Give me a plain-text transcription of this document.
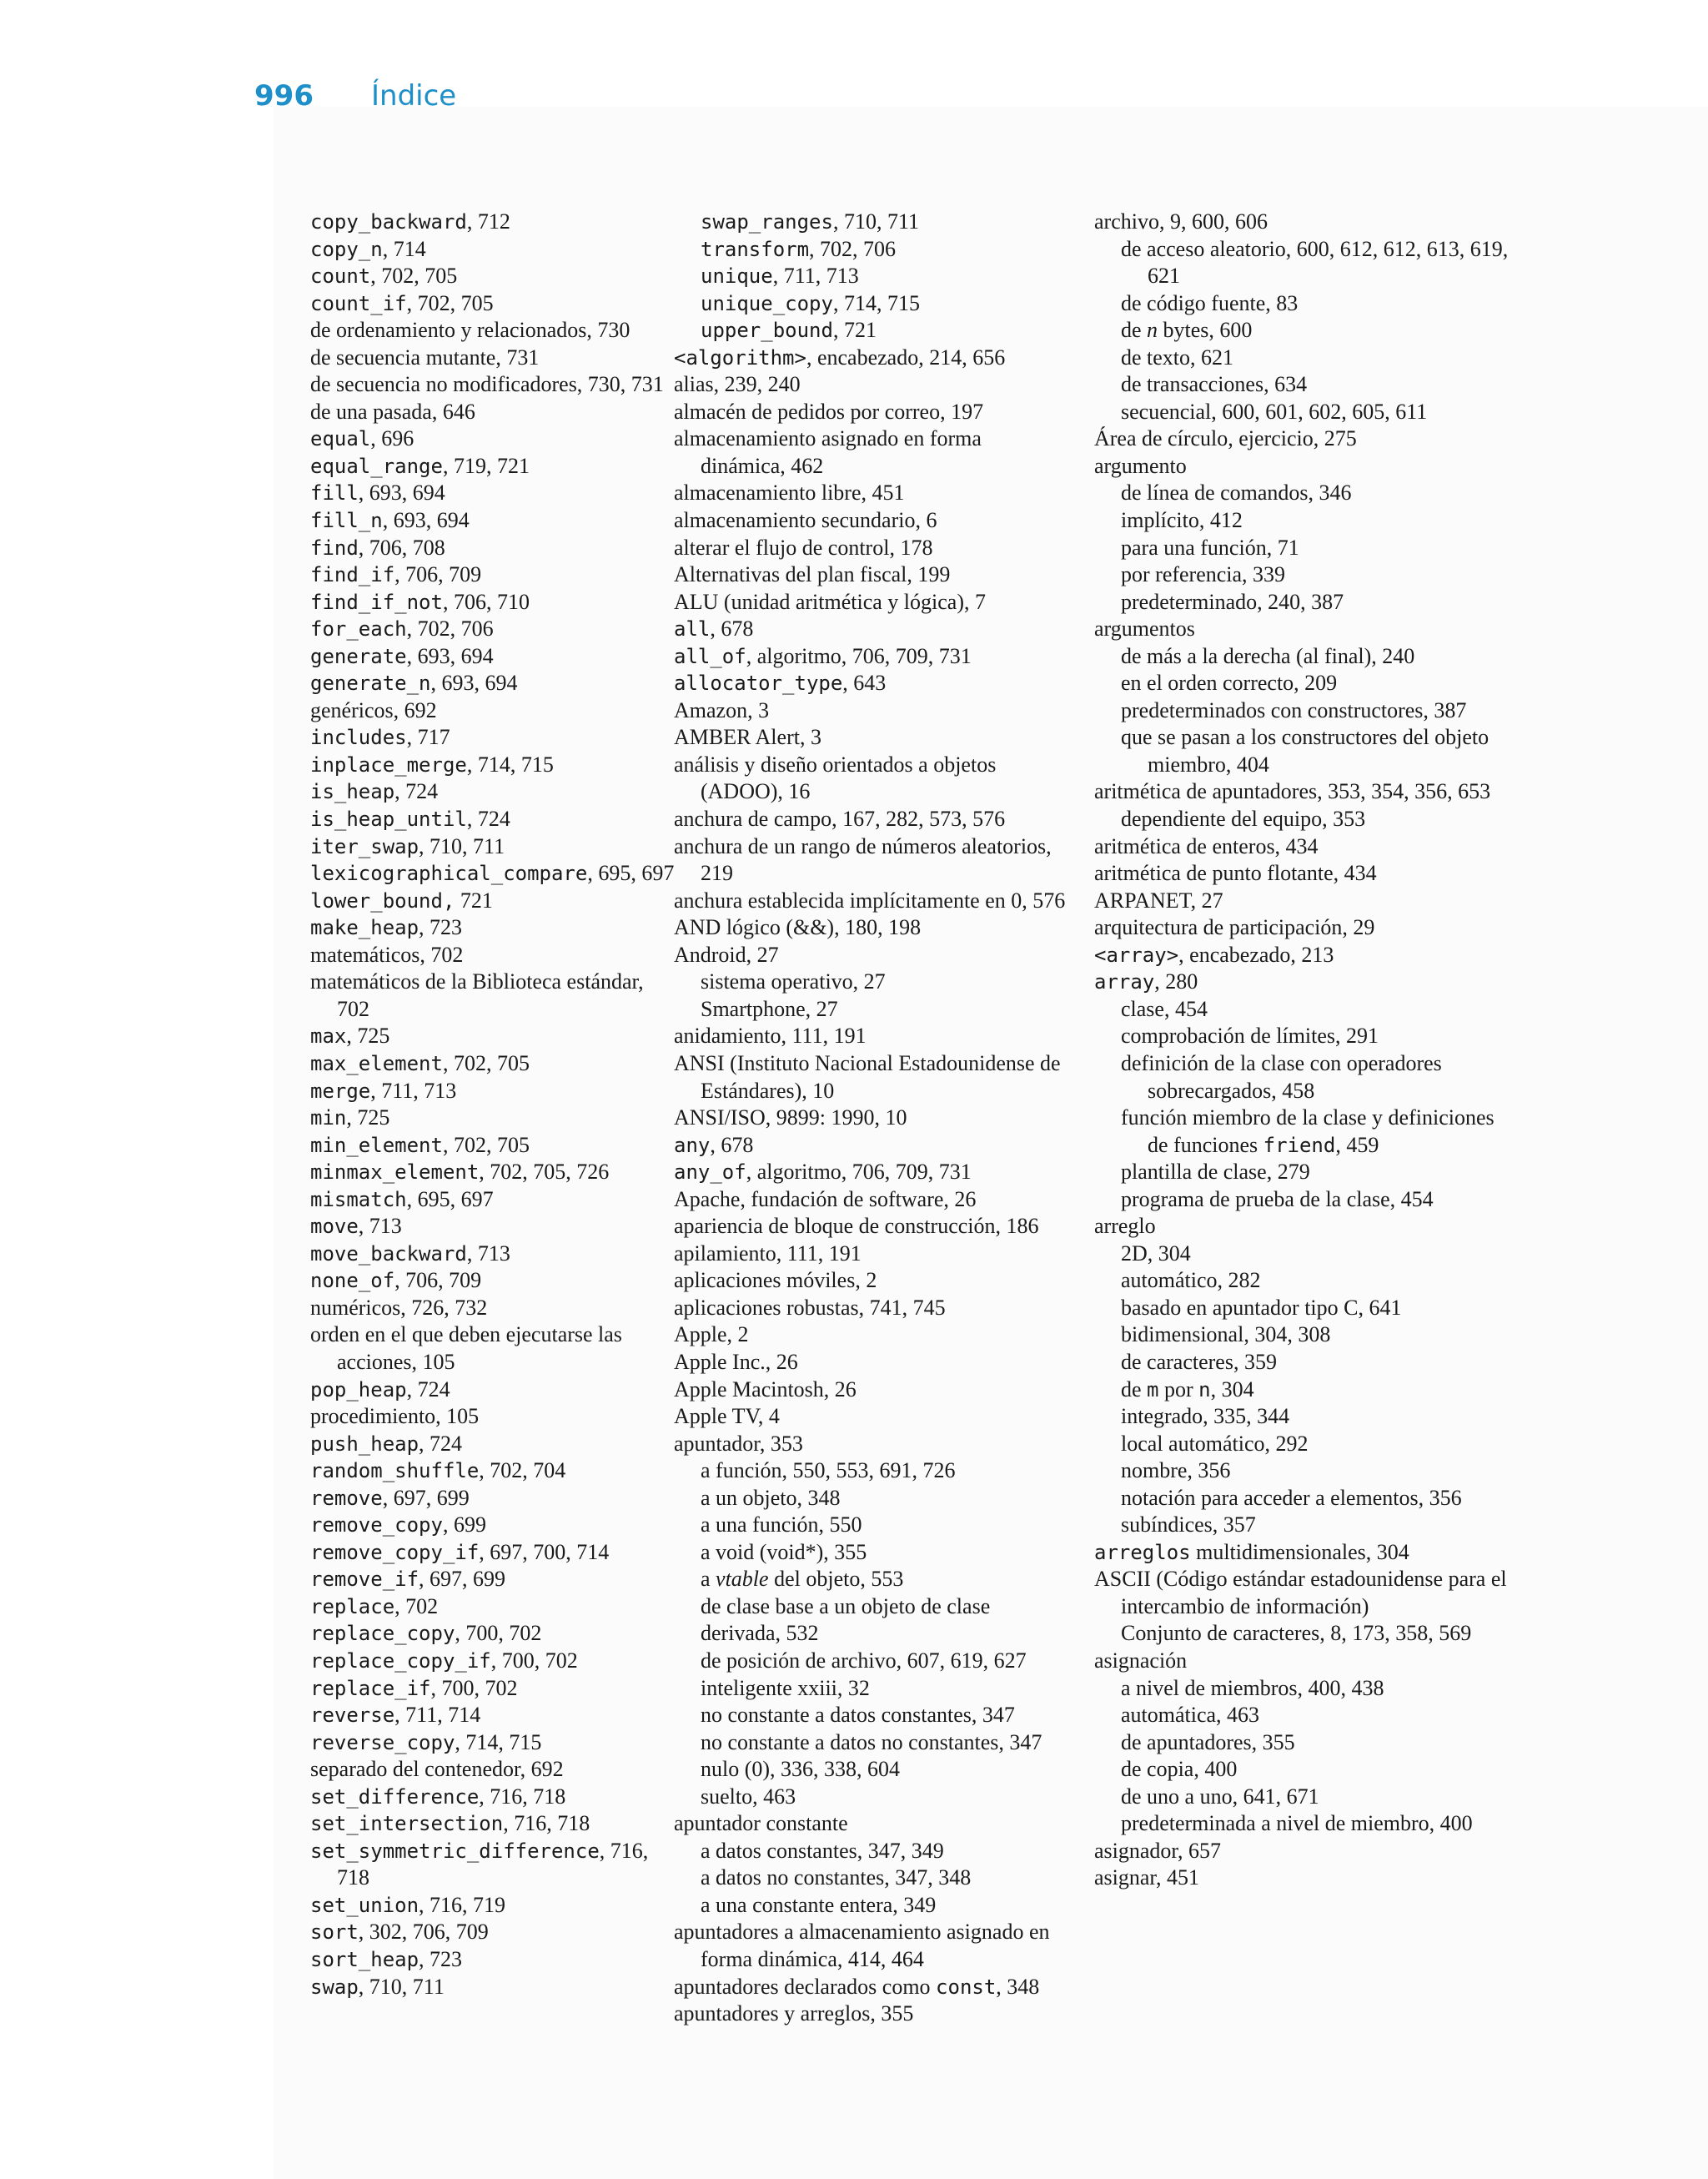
996 Índice
copy_backward, 712
copy_n, 714
count, 702, 705
count_if, 702, 705
de ordenamiento y relacionados, 730
de secuencia mutante, 731
de secuencia no modificadores, 730, 731
de una pasada, 646
equal, 696
equal_range, 719, 721
fill, 693, 694
fill_n, 693, 694
find, 706, 708
find_if, 706, 709
find_if_not, 706, 710
for_each, 702, 706
generate, 693, 694
generate_n, 693, 694
genéricos, 692
includes, 717
inplace_merge, 714, 715
is_heap, 724
is_heap_until, 724
iter_swap, 710, 711
lexicographical_compare, 695, 697
lower_bound, 721
make_heap, 723
matemáticos, 702
matemáticos de la Biblioteca estándar, 702
max, 725
max_element, 702, 705
merge, 711, 713
min, 725
min_element, 702, 705
minmax_element, 702, 705, 726
mismatch, 695, 697
move, 713
move_backward, 713
none_of, 706, 709
numéricos, 726, 732
orden en el que deben ejecutarse las acciones, 105
pop_heap, 724
procedimiento, 105
push_heap, 724
random_shuffle, 702, 704
remove, 697, 699
remove_copy, 699
remove_copy_if, 697, 700, 714
remove_if, 697, 699
replace, 702
replace_copy, 700, 702
replace_copy_if, 700, 702
replace_if, 700, 702
reverse, 711, 714
reverse_copy, 714, 715
separado del contenedor, 692
set_difference, 716, 718
set_intersection, 716, 718
set_symmetric_difference, 716, 718
set_union, 716, 719
sort, 302, 706, 709
sort_heap, 723
swap, 710, 711
swap_ranges, 710, 711
transform, 702, 706
unique, 711, 713
unique_copy, 714, 715
upper_bound, 721
<algorithm>, encabezado, 214, 656
alias, 239, 240
almacén de pedidos por correo, 197
almacenamiento asignado en forma dinámica, 462
almacenamiento libre, 451
almacenamiento secundario, 6
alterar el flujo de control, 178
Alternativas del plan fiscal, 199
ALU (unidad aritmética y lógica), 7
all, 678
all_of, algoritmo, 706, 709, 731
allocator_type, 643
Amazon, 3
AMBER Alert, 3
análisis y diseño orientados a objetos (ADOO), 16
anchura de campo, 167, 282, 573, 576
anchura de un rango de números aleatorios, 219
anchura establecida implícitamente en 0, 576
AND lógico (&&), 180, 198
Android, 27
sistema operativo, 27
Smartphone, 27
anidamiento, 111, 191
ANSI (Instituto Nacional Estadounidense de Estándares), 10
ANSI/ISO, 9899: 1990, 10
any, 678
any_of, algoritmo, 706, 709, 731
Apache, fundación de software, 26
apariencia de bloque de construcción, 186
apilamiento, 111, 191
aplicaciones móviles, 2
aplicaciones robustas, 741, 745
Apple, 2
Apple Inc., 26
Apple Macintosh, 26
Apple TV, 4
apuntador, 353
a función, 550, 553, 691, 726
a un objeto, 348
a una función, 550
a void (void*), 355
a vtable del objeto, 553
de clase base a un objeto de clase
derivada, 532
de posición de archivo, 607, 619, 627
inteligente xxiii, 32
no constante a datos constantes, 347
no constante a datos no constantes, 347
nulo (0), 336, 338, 604
suelto, 463
apuntador constante
a datos constantes, 347, 349
a datos no constantes, 347, 348
a una constante entera, 349
apuntadores a almacenamiento asignado en forma dinámica, 414, 464
apuntadores declarados como const, 348
apuntadores y arreglos, 355
archivo, 9, 600, 606
de acceso aleatorio, 600, 612, 612, 613, 619, 621
de código fuente, 83
de n bytes, 600
de texto, 621
de transacciones, 634
secuencial, 600, 601, 602, 605, 611
Área de círculo, ejercicio, 275
argumento
de línea de comandos, 346
implícito, 412
para una función, 71
por referencia, 339
predeterminado, 240, 387
argumentos
de más a la derecha (al final), 240
en el orden correcto, 209
predeterminados con constructores, 387
que se pasan a los constructores del objeto miembro, 404
aritmética de apuntadores, 353, 354, 356, 653
dependiente del equipo, 353
aritmética de enteros, 434
aritmética de punto flotante, 434
ARPANET, 27
arquitectura de participación, 29
<array>, encabezado, 213
array, 280
clase, 454
comprobación de límites, 291
definición de la clase con operadores sobrecargados, 458
función miembro de la clase y definiciones de funciones friend, 459
plantilla de clase, 279
programa de prueba de la clase, 454
arreglo
2D, 304
automático, 282
basado en apuntador tipo C, 641
bidimensional, 304, 308
de caracteres, 359
de m por n, 304
integrado, 335, 344
local automático, 292
nombre, 356
notación para acceder a elementos, 356
subíndices, 357
arreglos multidimensionales, 304
ASCII (Código estándar estadounidense para el intercambio de información)
Conjunto de caracteres, 8, 173, 358, 569
asignación
a nivel de miembros, 400, 438
automática, 463
de apuntadores, 355
de copia, 400
de uno a uno, 641, 671
predeterminada a nivel de miembro, 400
asignador, 657
asignar, 451
